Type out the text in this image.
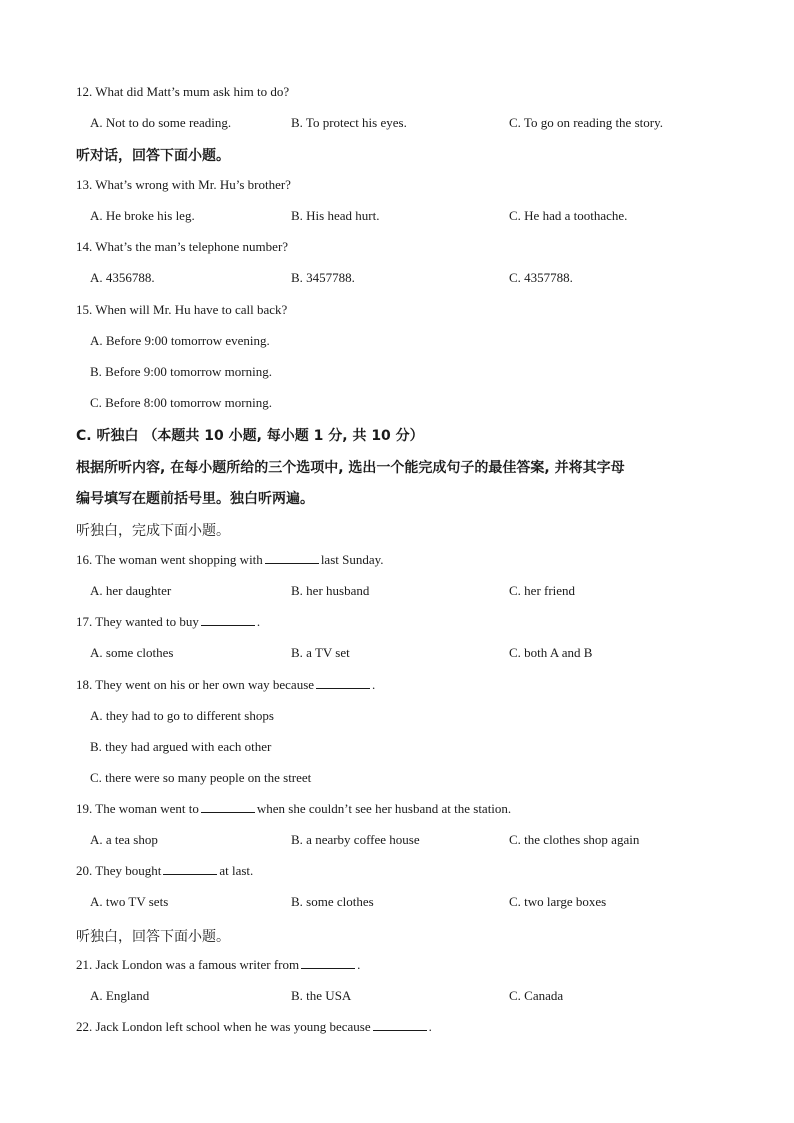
12. What did Matt’s mum ask him to do?
A. Not to do some reading.	B. To protect his eyes.	C. To go on reading the story.
听对话，回答下面小题。
13. What’s wrong with Mr. Hu’s brother?
A. He broke his leg.	B. His head hurt.	C. He had a toothache.
14. What’s the man’s telephone number?
A. 4356788.	B. 3457788.	C. 4357788.
15. When will Mr. Hu have to call back?
A. Before 9:00 tomorrow evening.
B. Before 9:00 tomorrow morning.
C. Before 8:00 tomorrow morning.
C. 听独白 （本题共 10 小题, 每小题 1 分, 共 10 分）
根据所听内容, 在每小题所给的三个选项中, 选出一个能完成句子的最佳答案, 并将其字母
编号填写在题前括号里。独白听两遍。
听独白，完成下面小题。
16. The woman went shopping with	last Sunday.
A. her daughter	B. her husband	C. her friend
17. They wanted to buy	.
A. some clothes	B. a TV set	C. both A and B
18. They went on his or her own way because	.
A. they had to go to different shops
B. they had argued with each other
C. there were so many people on the street
19. The woman went to	when she couldn’t see her husband at the station.
A. a tea shop	B. a nearby coffee house	C. the clothes shop again
20. They bought	at last.
A. two TV sets	B. some clothes	C. two large boxes
听独白，回答下面小题。
21. Jack London was a famous writer from	.
A. England	B. the USA	C. Canada
22. Jack London left school when he was young because	.
